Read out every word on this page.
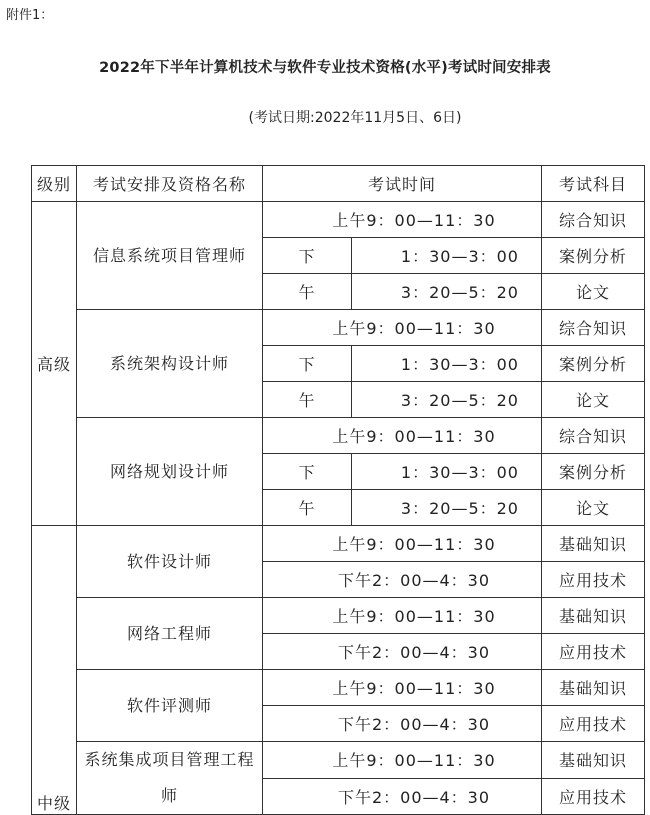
附件1：
2022年下半年计算机技术与软件专业技术资格(水平)考试时间安排表
(考试日期:2022年11月5日、6日)
级别	考试安排及资格名称	考试时间		考试科目
高级	信息系统项目管理师	上午9：00—11：30		综合知识
		下	1：30—3：00	案例分析
		午	3：20—5：20	论文
	系统架构设计师	上午9：00—11：30		综合知识
		下	1：30—3：00	案例分析
		午	3：20—5：20	论文
	网络规划设计师	上午9：00—11：30		综合知识
		下	1：30—3：00	案例分析
		午	3：20—5：20	论文
中级	软件设计师	上午9：00—11：30		基础知识
		下午2：00—4：30		应用技术
	网络工程师	上午9：00—11：30		基础知识
		下午2：00—4：30		应用技术
	软件评测师	上午9：00—11：30		基础知识
		下午2：00—4：30		应用技术
	系统集成项目管理工程师	上午9：00—11：30		基础知识
		下午2：00—4：30		应用技术
